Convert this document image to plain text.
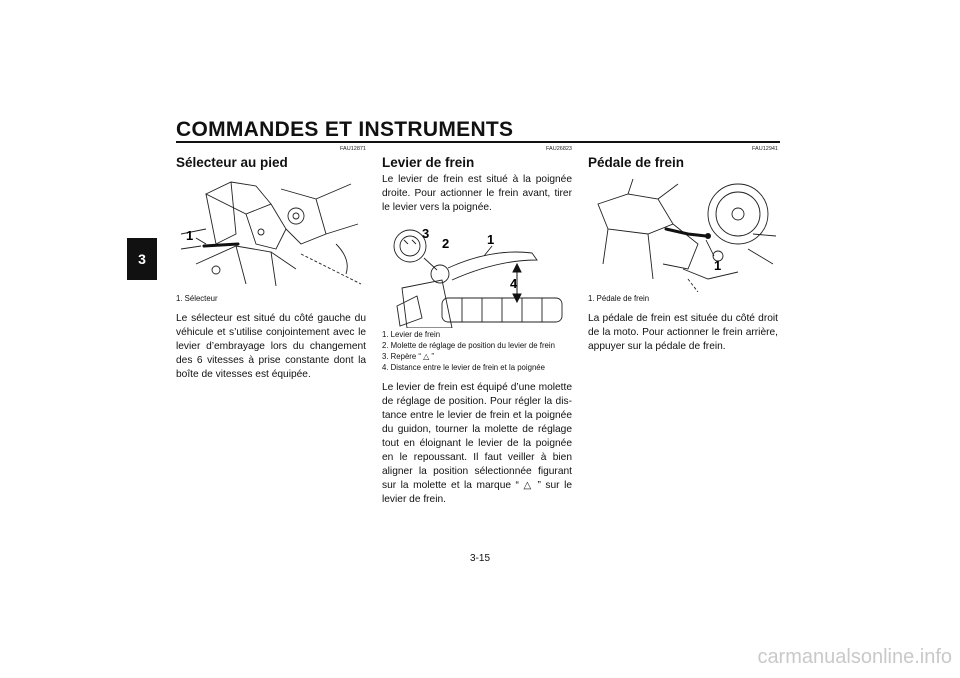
COMMANDES ET INSTRUMENTS
3
FAU12871
Sélecteur au pied
1
1. Sélecteur

Le sélecteur est situé du côté gauche du véhicule et s’utilise conjointement avec le levier d’embrayage lors du changement des 6 vitesses à prise constante dont la boîte de vitesses est équipée.

FAU26823
Levier de frein

Le levier de frein est situé à la poignée droite. Pour actionner le frein avant, tirer le levier vers la poignée.

3
2	1
4
1. Levier de frein
2. Molette de réglage de position du levier de frein
3. Repère “ △ ”
4. Distance entre le levier de frein et la poignée

Le levier de frein est équipé d’une molette de réglage de position. Pour régler la distance entre le levier de frein et la poignée du guidon, tourner la molette de réglage tout en éloignant le levier de la poignée en le repoussant. Il faut veiller à bien aligner la position sélectionnée figurant sur la molette et la marque “ △ ” sur le levier de frein.

FAU12941
Pédale de frein
1
1. Pédale de frein

La pédale de frein est située du côté droit de la moto. Pour actionner le frein arrière, appuyer sur la pédale de frein.

3-15
carmanualsonline.info
